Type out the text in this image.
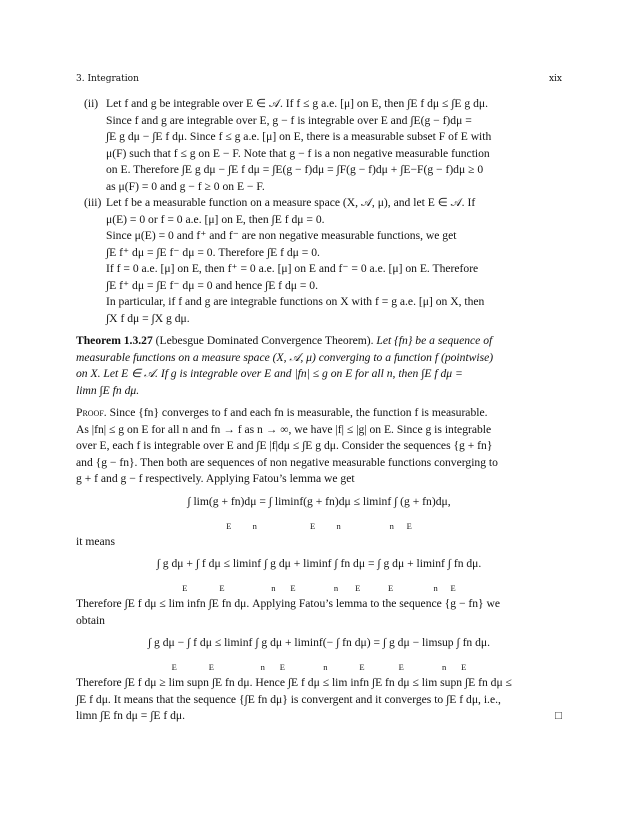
3. Integration	xix
(ii) Let f and g be integrable over E ∈ 𝒜. If f ≤ g a.e. [μ] on E, then ∫E f dμ ≤ ∫E g dμ.

Since f and g are integrable over E, g − f is integrable over E and ∫E(g − f)dμ =

∫E g dμ − ∫E f dμ. Since f ≤ g a.e. [μ] on E, there is a measurable subset F of E with

μ(F) such that f ≤ g on E − F. Note that g − f is a non negative measurable function

on E. Therefore ∫E g dμ − ∫E f dμ = ∫E(g − f)dμ = ∫F(g − f)dμ + ∫E−F(g − f)dμ ≥ 0

as μ(F) = 0 and g − f ≥ 0 on E − F.

(iii) Let f be a measurable function on a measure space (X, 𝒜, μ), and let E ∈ 𝒜. If

μ(E) = 0 or f = 0 a.e. [μ] on E, then ∫E f dμ = 0.

Since μ(E) = 0 and f⁺ and f⁻ are non negative measurable functions, we get

∫E f⁺ dμ = ∫E f⁻ dμ = 0. Therefore ∫E f dμ = 0.

If f = 0 a.e. [μ] on E, then f⁺ = 0 a.e. [μ] on E and f⁻ = 0 a.e. [μ] on E. Therefore

∫E f⁺ dμ = ∫E f⁻ dμ = 0 and hence ∫E f dμ = 0.

In particular, if f and g are integrable functions on X with f = g a.e. [μ] on X, then

∫X f dμ = ∫X g dμ.

Theorem 1.3.27 (Lebesgue Dominated Convergence Theorem). Let {fn} be a sequence of

measurable functions on a measure space (X, 𝒜, μ) converging to a function f (pointwise)

on X. Let E ∈ 𝒜. If g is integrable over E and |fn| ≤ g on E for all n, then ∫E f dμ =

limn ∫E fn dμ.

Proof. Since {fn} converges to f and each fn is measurable, the function f is measurable.

As |fn| ≤ g on E for all n and fn → f as n → ∞, we have |f| ≤ |g| on E. Since g is integrable

over E, each f is integrable over E and ∫E |f|dμ ≤ ∫E g dμ. Consider the sequences {g + fn}

and {g − fn}. Then both are sequences of non negative measurable functions converging to

g + f and g − f respectively. Applying Fatou’s lemma we get

∫ lim(g + fn)dμ = ∫ liminf(g + fn)dμ ≤ liminf ∫ (g + fn)dμ,
E          n                         E          n                       n      E

it means

∫ g dμ + ∫ f dμ ≤ liminf ∫ g dμ + liminf ∫ fn dμ = ∫ g dμ + liminf ∫ fn dμ.
E               E                      n       E                  n        E             E                   n      E

Therefore ∫E f dμ ≤ lim infn ∫E fn dμ. Applying Fatou’s lemma to the sequence {g − fn} we

obtain

∫ g dμ − ∫ f dμ ≤ liminf ∫ g dμ + liminf(− ∫ fn dμ) = ∫ g dμ − limsup ∫ fn dμ.
E               E                      n       E                  n               E                E                  n       E

Therefore ∫E f dμ ≥ lim supn ∫E fn dμ. Hence ∫E f dμ ≤ lim infn ∫E fn dμ ≤ lim supn ∫E fn dμ ≤

∫E f dμ. It means that the sequence {∫E fn dμ} is convergent and it converges to ∫E f dμ, i.e.,

limn ∫E fn dμ = ∫E f dμ.	□
